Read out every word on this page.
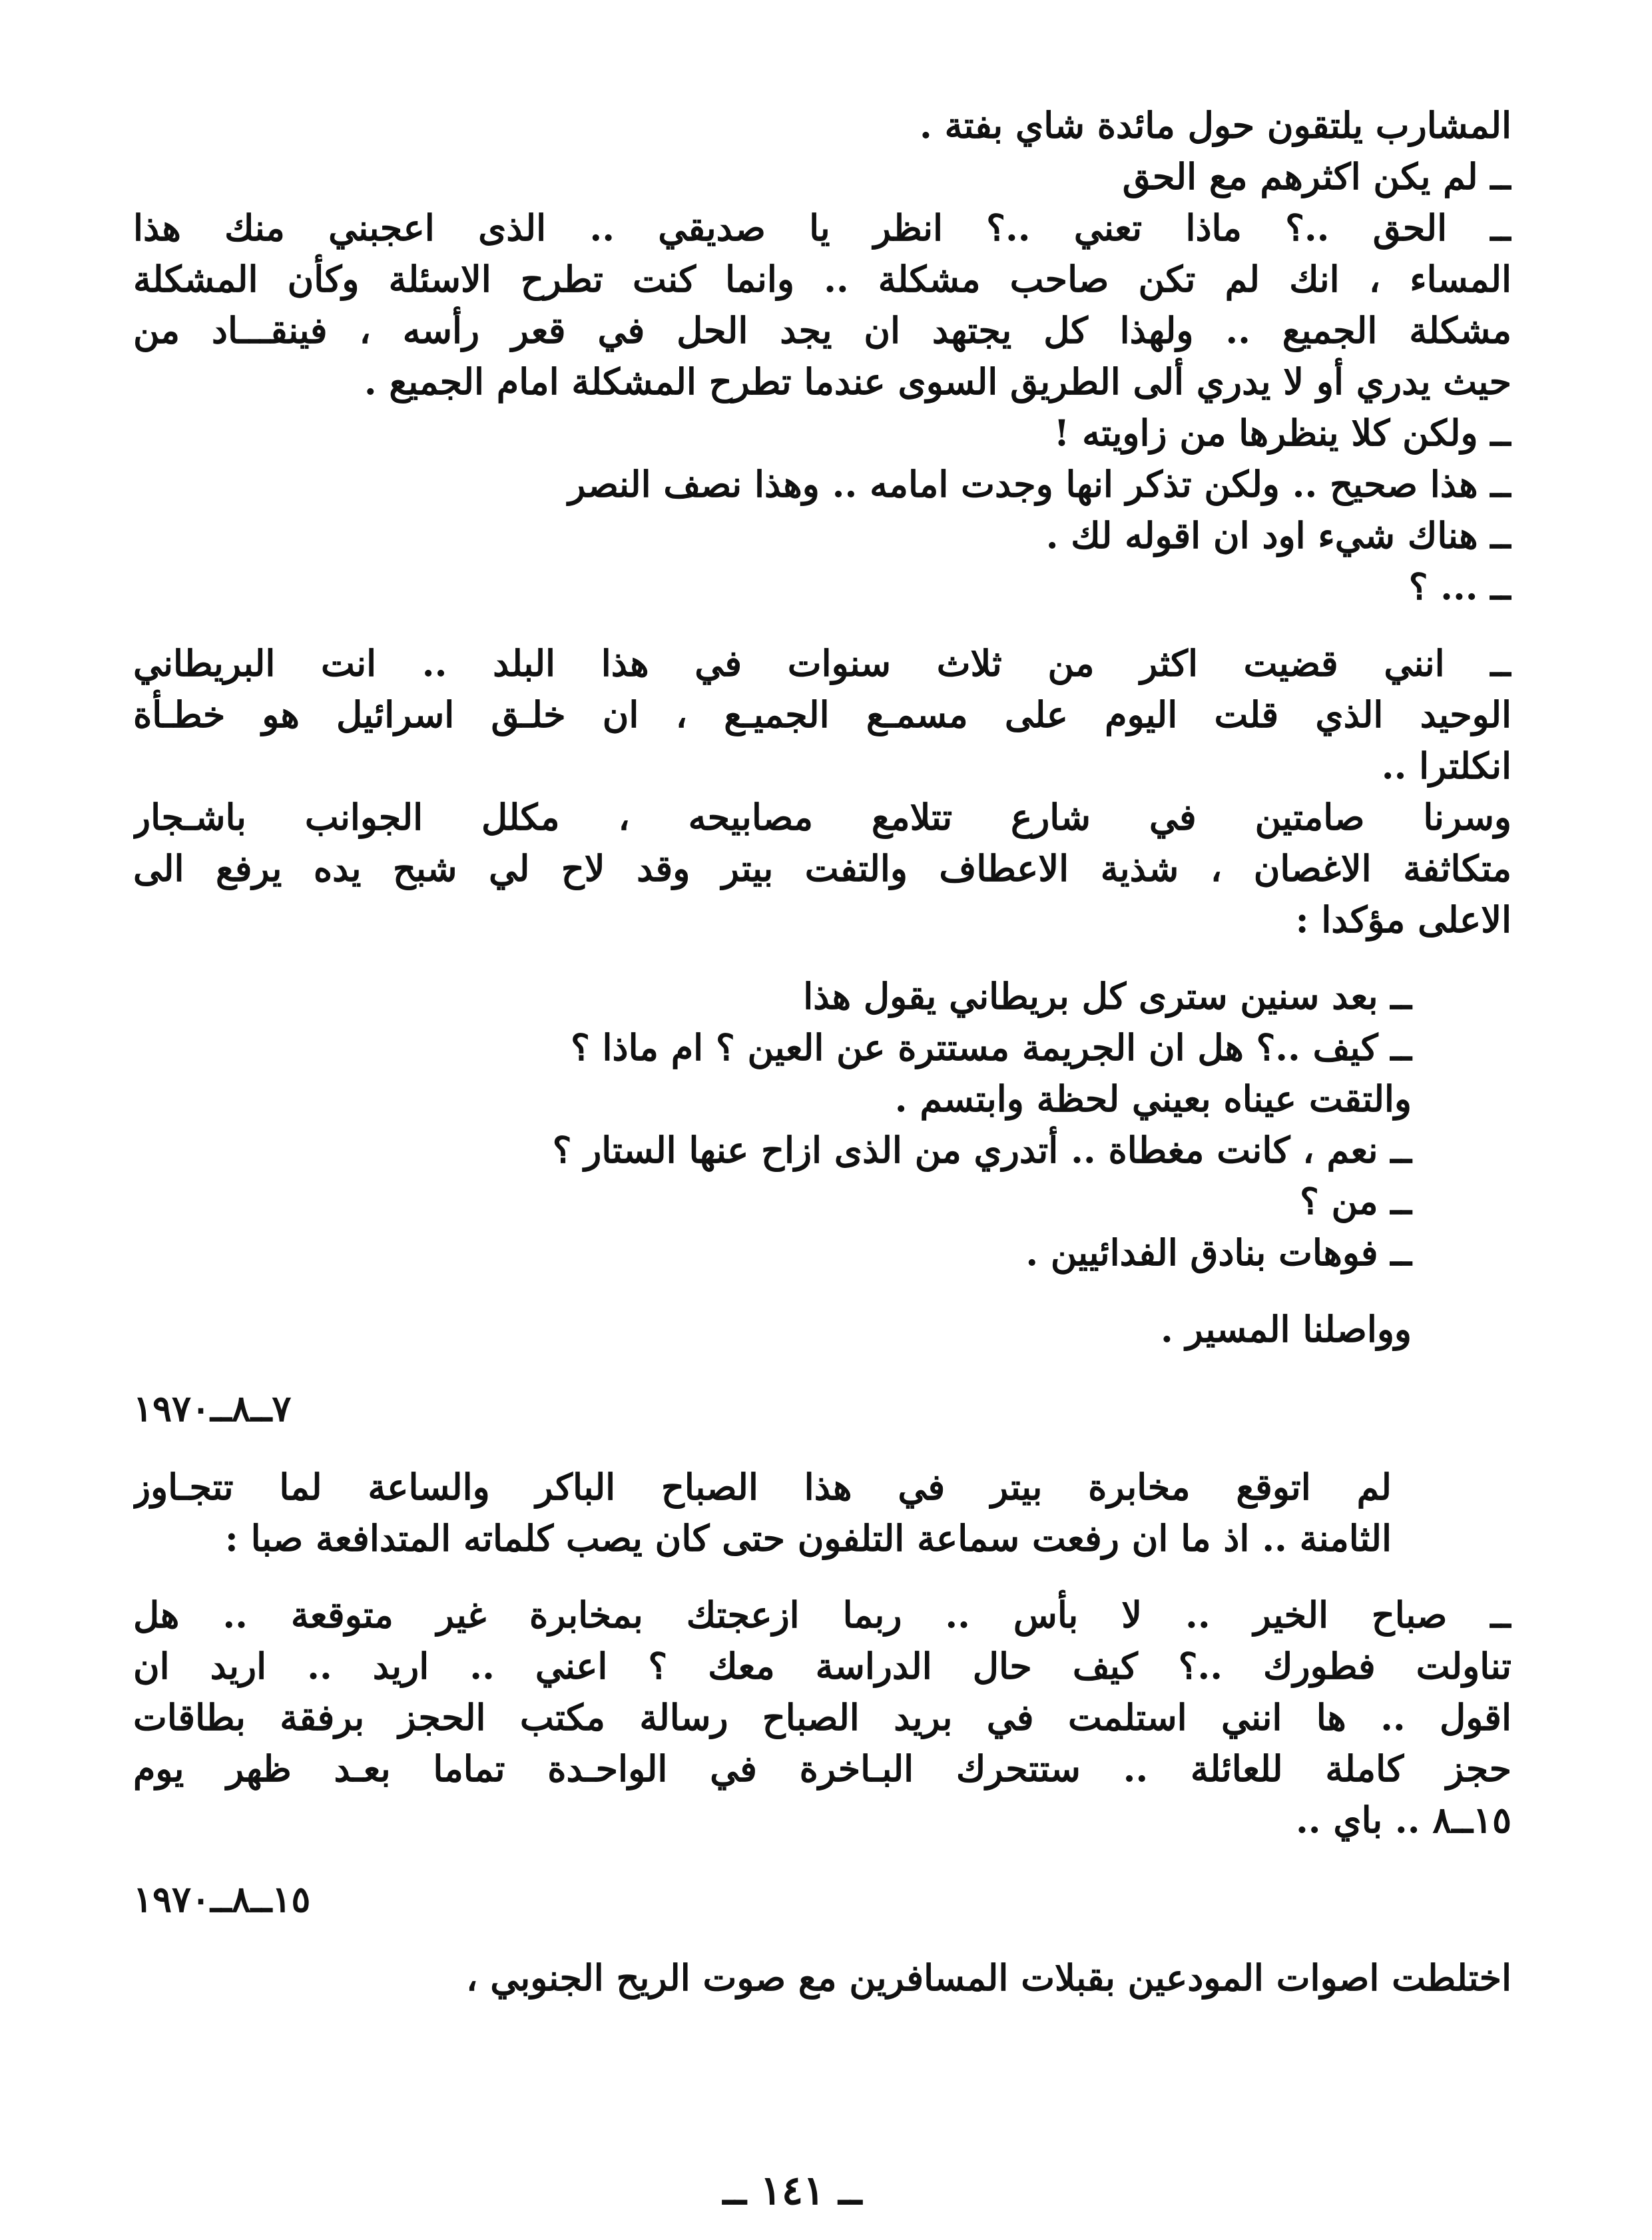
المشارب يلتقون حول مائدة شاي بفتة .
ــ لم يكن اكثرهم مع الحق
ــ الحق ..؟ ماذا تعني ..؟ انظر يا صديقي .. الذى اعجبني منك هذا
المساء ، انك لم تكن صاحب مشكلة .. وانما كنت تطرح الاسئلة وكأن المشكلة
مشكلة الجميع .. ولهذا كل يجتهد ان يجد الحل في قعر رأسه ، فينقـــاد من
حيث يدري أو لا يدري ألى الطريق السوى عندما تطرح المشكلة امام الجميع .
ــ ولكن كلا ينظرها من زاويته !
ــ هذا صحيح .. ولكن تذكر انها وجدت امامه .. وهذا نصف النصر
ــ هناك شيء اود ان اقوله لك .
ــ ... ؟
ــ انني قضيت اكثر من ثلاث سنوات في هذا البلد .. انت البريطاني
الوحيد الذي قلت اليوم على مسمـع الجميـع ، ان خلـق اسرائيل هو خطـأة
انكلترا ..
وسرنا صامتين في شارع تتلامع مصابيحه ، مكلل الجوانب باشـجار
متكاثفة الاغصان ، شذية الاعطاف والتفت بيتر وقد لاح لي شبح يده يرفع الى
الاعلى مؤكدا :
ــ بعد سنين سترى كل بريطاني يقول هذا
ــ كيف ..؟ هل ان الجريمة مستترة عن العين ؟ ام ماذا ؟
والتقت عيناه بعيني لحظة وابتسم .
ــ نعم ، كانت مغطاة .. أتدري من الذى ازاح عنها الستار ؟
ــ من ؟
ــ فوهات بنادق الفدائيين .
وواصلنا المسير .
٧ــ٨ــ١٩٧٠
لم اتوقع مخابرة بيتر في هذا الصباح الباكر والساعة لما تتجـاوز
الثامنة .. اذ ما ان رفعت سماعة التلفون حتى كان يصب كلماته المتدافعة صبا :
ــ صباح الخير .. لا بأس .. ربما ازعجتك بمخابرة غير متوقعة .. هل
تناولت فطورك ..؟ كيف حال الدراسة معك ؟ اعني .. اريد .. اريد ان
اقول .. ها انني استلمت في بريد الصباح رسالة مكتب الحجز برفقة بطاقات
حجز كاملة للعائلة .. ستتحرك البـاخرة في الواحـدة تماما بعـد ظهر يوم
١٥ــ٨ .. باي ..
١٥ــ٨ــ١٩٧٠
اختلطت اصوات المودعين بقبلات المسافرين مع صوت الريح الجنوبي ،
ــ ١٤١ ــ
